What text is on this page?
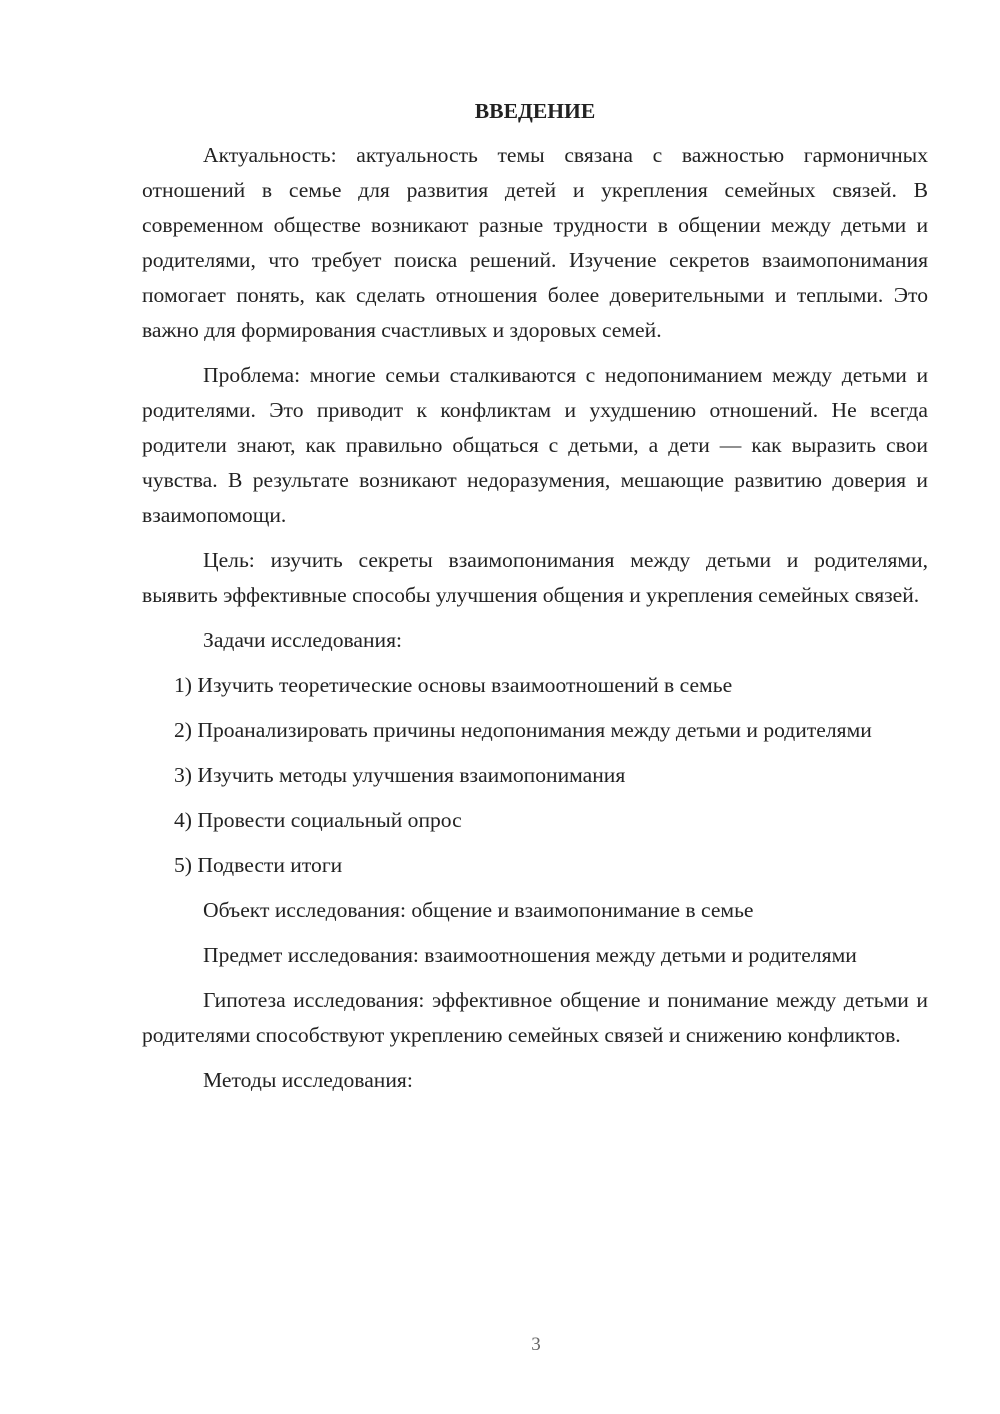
ВВЕДЕНИЕ

Актуальность: актуальность темы связана с важностью гармоничных отношений в семье для развития детей и укрепления семейных связей. В современном обществе возникают разные трудности в общении между детьми и родителями, что требует поиска решений. Изучение секретов взаимопонимания помогает понять, как сделать отношения более доверительными и теплыми. Это важно для формирования счастливых и здоровых семей.

Проблема: многие семьи сталкиваются с недопониманием между детьми и родителями. Это приводит к конфликтам и ухудшению отношений. Не всегда родители знают, как правильно общаться с детьми, а дети — как выразить свои чувства. В результате возникают недоразумения, мешающие развитию доверия и взаимопомощи.

Цель: изучить секреты взаимопонимания между детьми и родителями, выявить эффективные способы улучшения общения и укрепления семейных связей.

Задачи исследования:

1) Изучить теоретические основы взаимоотношений в семье

2) Проанализировать причины недопонимания между детьми и родителями

3) Изучить методы улучшения взаимопонимания

4) Провести социальный опрос

5) Подвести итоги

Объект исследования: общение и взаимопонимание в семье

Предмет исследования: взаимоотношения между детьми и родителями

Гипотеза исследования: эффективное общение и понимание между детьми и родителями способствуют укреплению семейных связей и снижению конфликтов.

Методы исследования:

3
